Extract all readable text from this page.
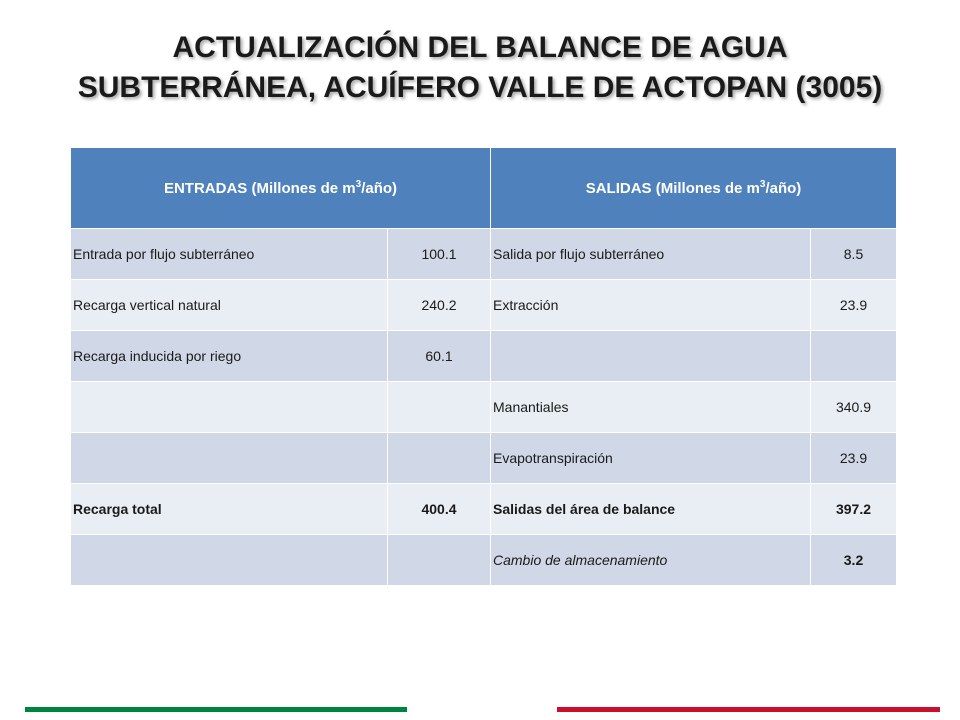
ACTUALIZACIÓN DEL BALANCE DE AGUA
SUBTERRÁNEA, ACUÍFERO VALLE DE ACTOPAN (3005)
ENTRADAS (Millones de $m^3/año$)		SALIDAS (Millones de $m^3/año$)	
Entrada por flujo subterráneo	100.1	Salida por flujo subterráneo	8.5
Recarga vertical natural	240.2	Extracción	23.9
Recarga inducida por riego	60.1		
		Manantiales	340.9
		Evapotranspiración	23.9
Recarga total	400.4	Salidas del área de balance	397.2
		Cambio de almacenamiento	3.2
